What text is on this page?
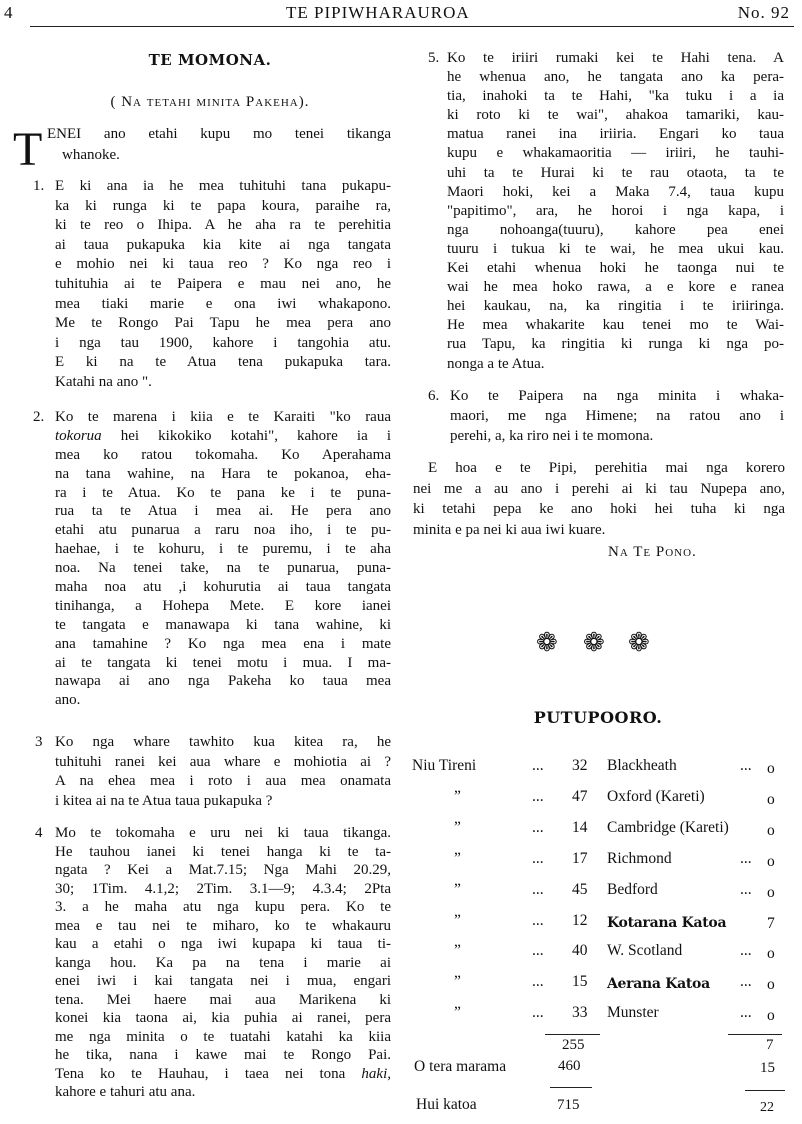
4	TE PIPIWHARAUROA	No. 92
TE MOMONA.
( Na tetahi minita Pakeha).
T ENEI ano etahi kupu mo tenei tikanga
whanoke.
1. E ki ana ia he mea tuhituhi tana pukapu-
ka ki runga ki te papa koura, paraihe ra,
ki te reo o Ihipa. A he aha ra te perehitia
ai taua pukapuka kia kite ai nga tangata
e mohio nei ki taua reo ? Ko nga reo i
tuhituhia ai te Paipera e mau nei ano, he
mea tiaki marie e ona iwi whakapono.
Me te Rongo Pai Tapu he mea pera ano
i nga tau 1900, kahore i tangohia atu.
E ki na te Atua tena pukapuka tara.
Katahi na ano ".
2. Ko te marena i kiia e te Karaiti "ko raua
tokorua hei kikokiko kotahi", kahore ia i
mea ko ratou tokomaha. Ko Aperahama
na tana wahine, na Hara te pokanoa, eha-
ra i te Atua. Ko te pana ke i te puna-
rua ta te Atua i mea ai. He pera ano
etahi atu punarua a raru noa iho, i te pu-
haehae, i te kohuru, i te puremu, i te aha
noa. Na tenei take, na te punarua, puna-
maha noa atu ,i kohurutia ai taua tangata
tinihanga, a Hohepa Mete. E kore ianei
te tangata e manawapa ki tana wahine, ki
ana tamahine ? Ko nga mea ena i mate
ai te tangata ki tenei motu i mua. I ma-
nawapa ai ano nga Pakeha ko taua mea
ano.
3 Ko nga whare tawhito kua kitea ra, he
tuhituhi ranei kei aua whare e mohiotia ai ?
A na ehea mea i roto i aua mea onamata
i kitea ai na te Atua taua pukapuka ?
4 Mo te tokomaha e uru nei ki taua tikanga.
He tauhou ianei ki tenei hanga ki te ta-
ngata ? Kei a Mat.7.15; Nga Mahi 20.29,
30; 1Tim. 4.1,2; 2Tim. 3.1—9; 4.3.4; 2Pta
3. a he maha atu nga kupu pera. Ko te
mea e tau nei te miharo, ko te whakauru
kau a etahi o nga iwi kupapa ki taua ti-
kanga hou. Ka pa na tena i marie ai
enei iwi i kai tangata nei i mua, engari
tena. Mei haere mai aua Marikena ki
konei kia taona ai, kia puhia ai ranei, pera
me nga minita o te tuatahi katahi ka kiia
he tika, nana i kawe mai te Rongo Pai.
Tena ko te Hauhau, i taea nei tona haki,
kahore e tahuri atu ana.
5. Ko te iriiri rumaki kei te Hahi tena. A
he whenua ano, he tangata ano ka pera-
tia, inahoki ta te Hahi, "ka tuku i a ia
ki roto ki te wai", ahakoa tamariki, kau-
matua ranei ina iriiria. Engari ko taua
kupu e whakamaoritia — iriiri, he tauhi-
uhi ta te Hurai ki te rau otaota, ta te
Maori hoki, kei a Maka 7.4, taua kupu
"papitimo", ara, he horoi i nga kapa, i
nga nohoanga(tuuru), kahore pea enei
tuuru i tukua ki te wai, he mea ukui kau.
Kei etahi whenua hoki he taonga nui te
wai he mea hoko rawa, a e kore e ranea
hei kaukau, na, ka ringitia i te iriiringa.
He mea whakarite kau tenei mo te Wai-
rua Tapu, ka ringitia ki runga ki nga po-
nonga a te Atua.
6. Ko te Paipera na nga minita i whaka-
maori, me nga Himene; na ratou ano i
perehi, a, ka riro nei i te momona.
E hoa e te Pipi, perehitia mai nga korero
nei me a au ano i perehi ai ki tau Nupepa ano,
ki tetahi pepa ke ano hoki hei tuha ki nga
minita e pa nei ki aua iwi kuare.
Na Te Pono.
❁ ❁ ❁
PUTUPOORO.
Niu Tireni	... 32 Blackheath	... o
”	... 47 Oxford (Kareti)	o
”	... 14 Cambridge (Kareti) o
”	... 17 Richmond	... o
”	... 45 Bedford	... o
”	... 12 Kotarana Katoa	7
”	... 40 W. Scotland	... o
”	... 15 Aerana Katoa ... o
”	... 33 Munster	... o
255	7
O tera marama	460	15
Hui katoa	715	22
